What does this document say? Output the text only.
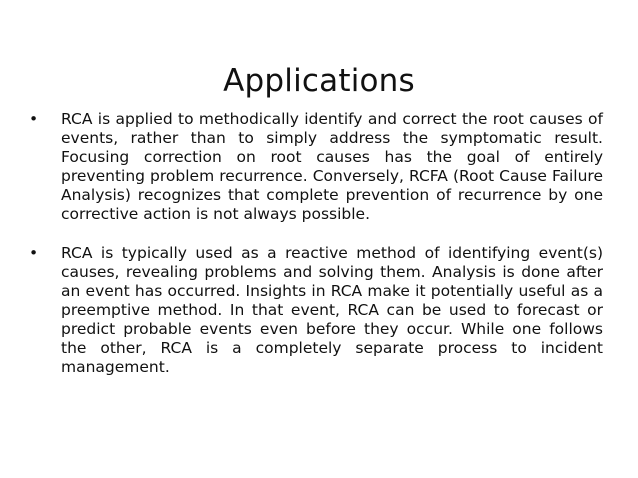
Applications
•	RCA is applied to methodically identify and correct the root causes of events, rather than to simply address the symptomatic result. Focusing correction on root causes has the goal of entirely preventing problem recurrence. Conversely, RCFA (Root Cause Failure Analysis) recognizes that complete prevention of recurrence by one corrective action is not always possible.
•	RCA is typically used as a reactive method of identifying event(s) causes, revealing problems and solving them. Analysis is done after an event has occurred. Insights in RCA make it potentially useful as a preemptive method. In that event, RCA can be used to forecast or predict probable events even before they occur. While one follows the other, RCA is a completely separate process to incident management.
